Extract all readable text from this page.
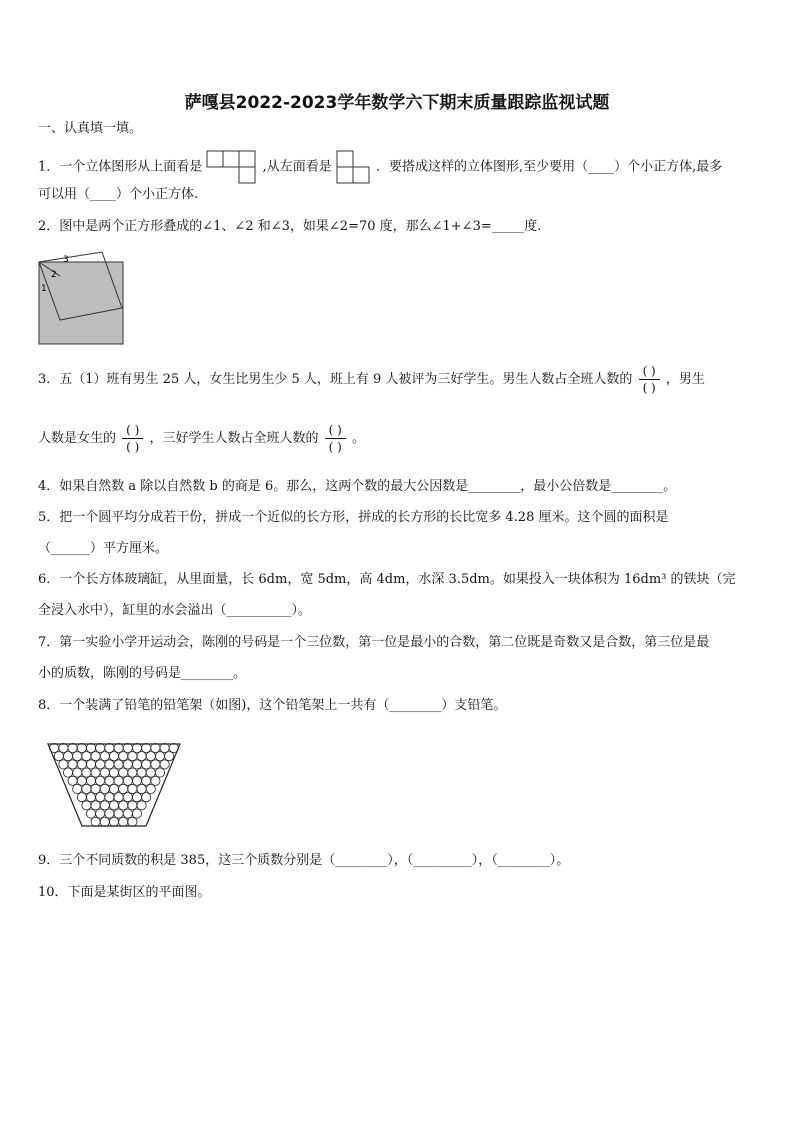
萨嘎县2022-2023学年数学六下期末质量跟踪监视试题
一、认真填一填。
1．一个立体图形从上面看是	,从左面看是	．要搭成这样的立体图形,至少要用（____）个小正方体,最多
可以用（____）个小正方体.
2．图中是两个正方形叠成的∠1、∠2 和∠3，如果∠2=70 度，那么∠1+∠3=_____度.
3
2
1
3．五（1）班有男生 25 人，女生比男生少 5 人，班上有 9 人被评为三好学生。男生人数占全班人数的 $\frac{( )}{( )}$ ，男生
人数是女生的 $\frac{( )}{( )}$ ，三好学生人数占全班人数的 $\frac{( )}{( )}$ 。
4．如果自然数 a 除以自然数 b 的商是 6。那么，这两个数的最大公因数是________，最小公倍数是________。
5．把一个圆平均分成若干份，拼成一个近似的长方形，拼成的长方形的长比宽多 4.28 厘米。这个圆的面积是
（______）平方厘米。
6．一个长方体玻璃缸，从里面量，长 6dm，宽 5dm，高 4dm，水深 3.5dm。如果投入一块体积为 16dm³ 的铁块（完
全浸入水中），缸里的水会溢出（__________）。
7．第一实验小学开运动会，陈刚的号码是一个三位数，第一位是最小的合数，第二位既是奇数又是合数，第三位是最
小的质数，陈刚的号码是________。
8．一个装满了铅笔的铅笔架（如图)，这个铅笔架上一共有（________）支铅笔。
9．三个不同质数的积是 385，这三个质数分别是（________），（_________），（________）。
10．下面是某街区的平面图。
